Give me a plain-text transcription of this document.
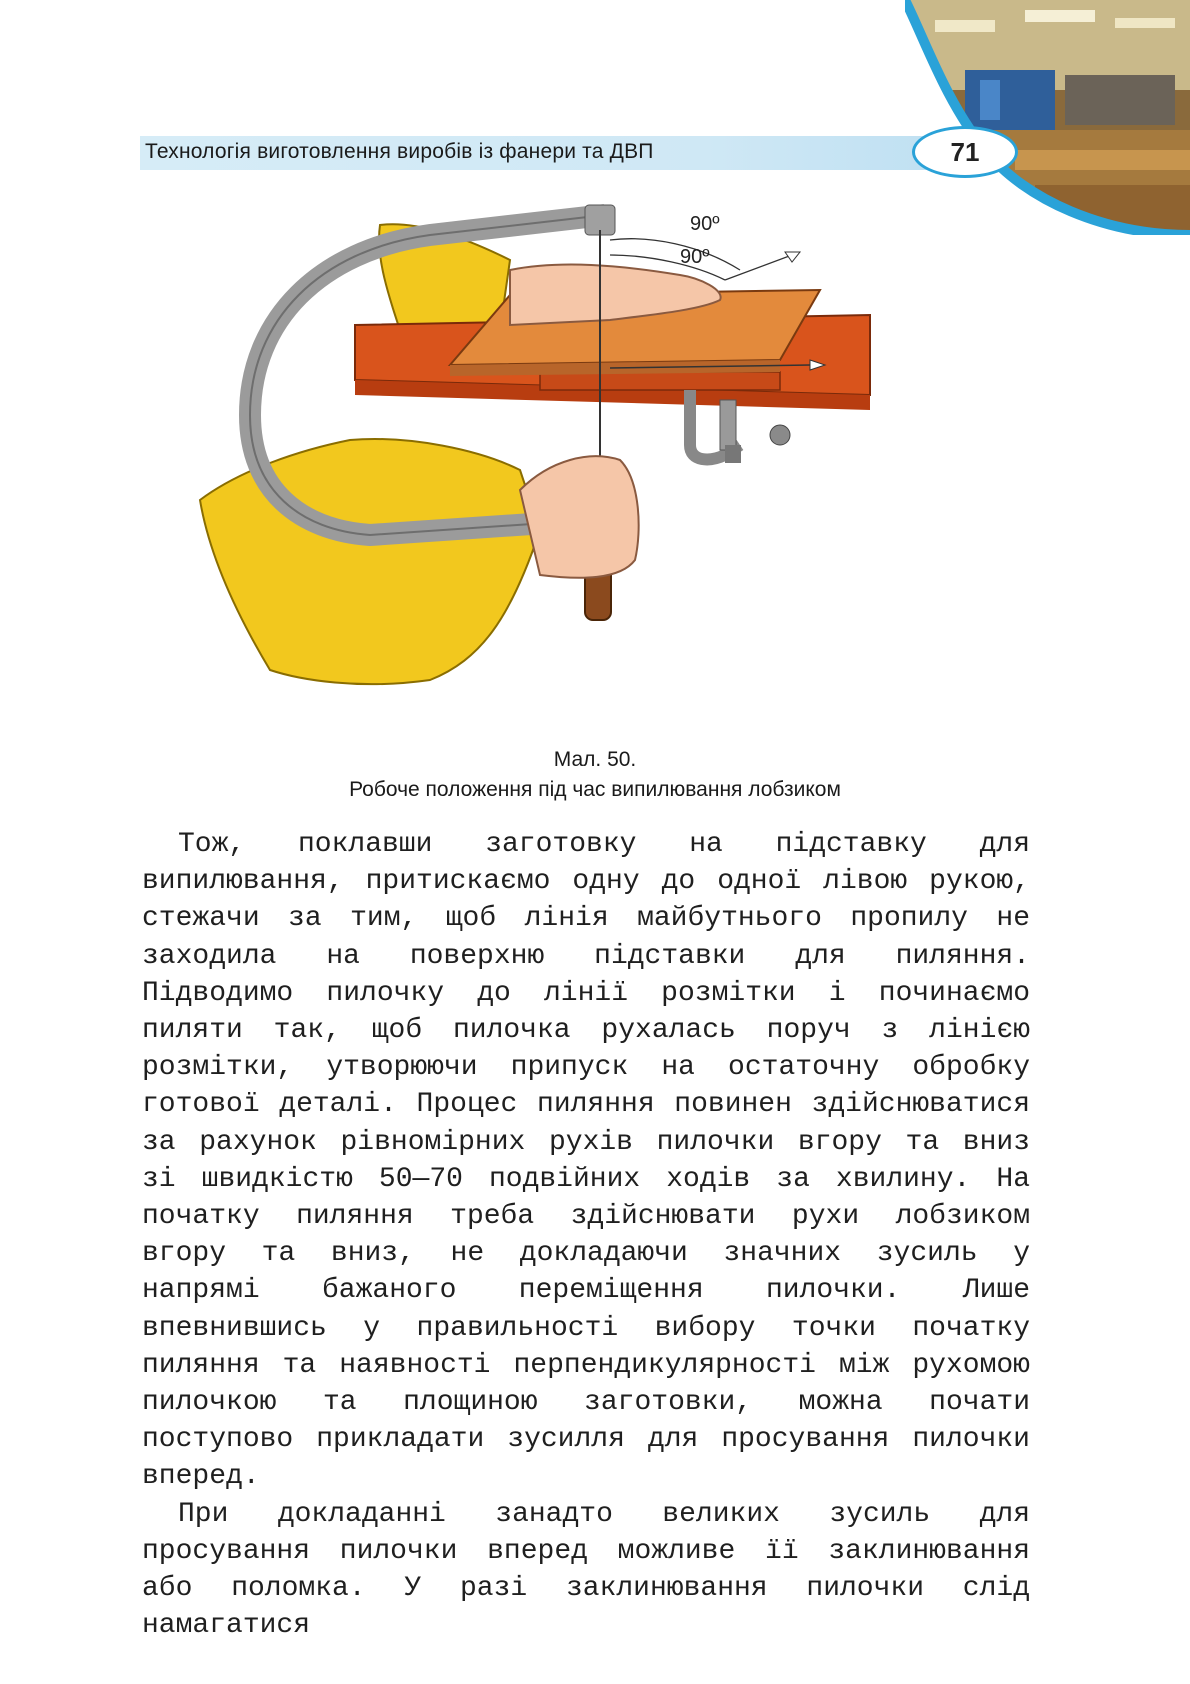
Технологія виготовлення виробів із фанери та ДВП	71
90º
90º
Мал. 50.
Робоче положення під час випилювання лобзиком

Тож, поклавши заготовку на підставку для випилювання, притискаємо одну до одної лівою рукою, стежачи за тим, щоб лінія майбутнього пропилу не заходила на поверхню підставки для пиляння. Підводимо пилочку до лінії розмітки і починаємо пиляти так, щоб пилочка рухалась поруч з лінією розмітки, утворюючи припуск на остаточну обробку готової деталі. Процес пиляння повинен здійснюватися за рахунок рівномірних рухів пилочки вгору та вниз зі швидкістю 50—70 подвійних ходів за хвилину. На початку пиляння треба здійснювати рухи лобзиком вгору та вниз, не докладаючи значних зусиль у напрямі бажаного переміщення пилочки. Лише впевнившись у правильності вибору точки початку пиляння та наявності перпендикулярності між рухомою пилочкою та площиною заготовки, можна почати поступово прикладати зусилля для просування пилочки вперед.

При докладанні занадто великих зусиль для просування пилочки вперед можливе її заклинювання або поломка. У разі заклинювання пилочки слід намагатися
